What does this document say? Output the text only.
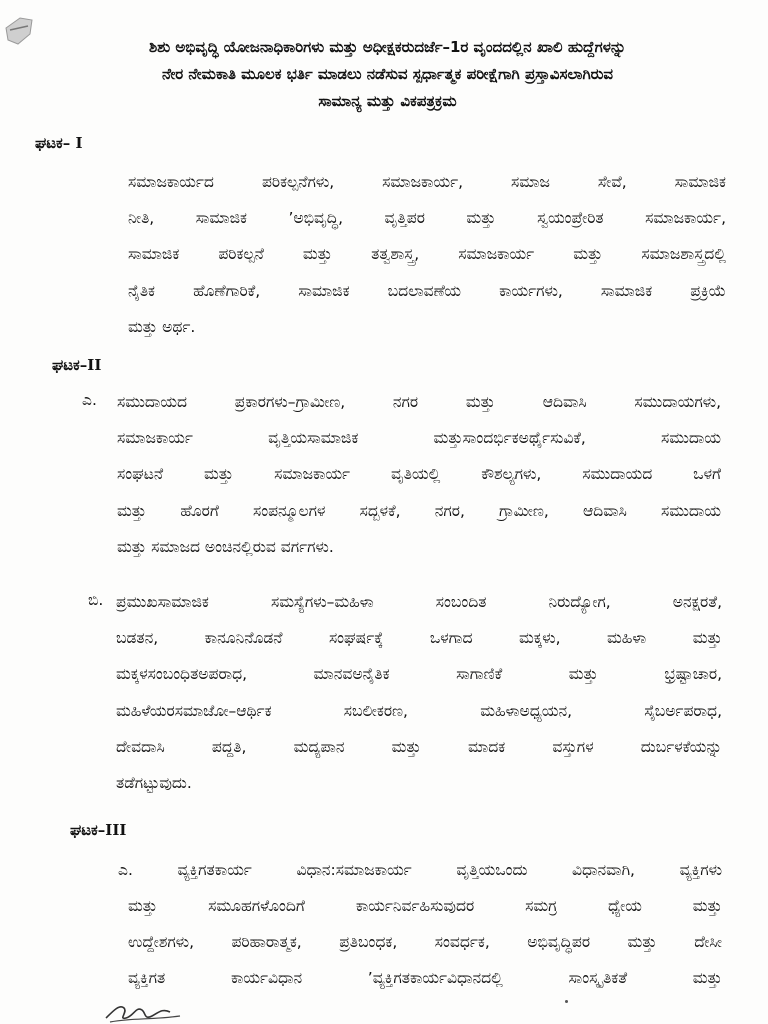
ಶಿಶು ಅಭಿವೃದ್ಧಿ ಯೋಜನಾಧಿಕಾರಿಗಳು ಮತ್ತು ಅಧೀಕ್ಷಕರುದರ್ಜೆ–1ರ ವೃಂದದಲ್ಲಿನ ಖಾಲಿ ಹುದ್ದೆಗಳನ್ನು
ನೇರ ನೇಮಕಾತಿ ಮೂಲಕ ಭರ್ತಿ ಮಾಡಲು ನಡೆಸುವ ಸ್ಪರ್ಧಾತ್ಮಕ ಪರೀಕ್ಷೆಗಾಗಿ ಪ್ರಸ್ತಾವಿಸಲಾಗಿರುವ
ಸಾಮಾನ್ಯ ಮತ್ತು ವಿಕಪತ್ರಕ್ರಮ
ಘಟಕ– I
ಸಮಾಜಕಾರ್ಯದ ಪರಿಕಲ್ಪನೆಗಳು, ಸಮಾಜಕಾರ್ಯ, ಸಮಾಜ ಸೇವೆ, ಸಾಮಾಜಿಕ
ನೀತಿ, ಸಾಮಾಜಿಕ ’ಅಭಿವೃದ್ಧಿ, ವೃತ್ತಿಪರ ಮತ್ತು ಸ್ವಯಂಪ್ರೇರಿತ ಸಮಾಜಕಾರ್ಯ,
ಸಾಮಾಜಿಕ ಪರಿಕಲ್ಪನೆ ಮತ್ತು ತತ್ವಶಾಸ್ತ್ರ, ಸಮಾಜಕಾರ್ಯ ಮತ್ತು ಸಮಾಜಶಾಸ್ತ್ರದಲ್ಲಿ
ನೈತಿಕ ಹೊಣೆಗಾರಿಕೆ, ಸಾಮಾಜಿಕ ಬದಲಾವಣೆಯ ಕಾರ್ಯಗಳು, ಸಾಮಾಜಿಕ ಪ್ರಕ್ರಿಯೆ
ಮತ್ತು ಅರ್ಥ.
ಘಟಕ–II
ಎ. ಸಮುದಾಯದ ಪ್ರಕಾರಗಳು–ಗ್ರಾಮೀಣ, ನಗರ ಮತ್ತು ಆದಿವಾಸಿ ಸಮುದಾಯಗಳು,
ಸಮಾಜಕಾರ್ಯ ವೃತ್ತಿಯಸಾಮಾಜಿಕ ಮತ್ತುಸಾಂದರ್ಭಿಕಅರ್ಥೈಸುವಿಕೆ, ಸಮುದಾಯ
ಸಂಘಟನೆ ಮತ್ತು ಸಮಾಜಕಾರ್ಯ ವೃತಿಯಲ್ಲಿ ಕೌಶಲ್ಯಗಳು, ಸಮುದಾಯದ ಒಳಗೆ
ಮತ್ತು ಹೊರಗೆ ಸಂಪನ್ಮೂಲಗಳ ಸದ್ಬಳಕೆ, ನಗರ, ಗ್ರಾಮೀಣ, ಆದಿವಾಸಿ ಸಮುದಾಯ
ಮತ್ತು ಸಮಾಜದ ಅಂಚಿನಲ್ಲಿರುವ ವರ್ಗಗಳು.
ಬಿ. ಪ್ರಮುಖಸಾಮಾಜಿಕ ಸಮಸ್ಯೆಗಳು–ಮಹಿಳಾ ಸಂಬಂದಿತ ನಿರುದ್ಯೋಗ, ಅನಕ್ಷರತೆ,
ಬಡತನ, ಕಾನೂನಿನೊಡನೆ ಸಂಘರ್ಷಕ್ಕೆ ಒಳಗಾದ ಮಕ್ಕಳು, ಮಹಿಳಾ ಮತ್ತು
ಮಕ್ಕಳಸಂಬಂಧಿತಅಪರಾಧ, ಮಾನವಅನೈತಿಕ ಸಾಗಾಣಿಕೆ ಮತ್ತು ಭ್ರಷ್ಟಾಚಾರ,
ಮಹಿಳೆಯರಸಮಾಜೋ–ಆರ್ಥಿಕ ಸಬಲೀಕರಣ, ಮಹಿಳಾಅಧ್ಯಯನ, ಸೈಬರ್ಅಪರಾಧ,
ದೇವದಾಸಿ ಪದ್ದತಿ, ಮದ್ಯಪಾನ ಮತ್ತು ಮಾದಕ ವಸ್ತುಗಳ ದುರ್ಬಳಕೆಯನ್ನು
ತಡೆಗಟ್ಟುವುದು.
ಘಟಕ–III
ಎ. ವ್ಯಕ್ತಿಗತಕಾರ್ಯ ವಿಧಾನ:ಸಮಾಜಕಾರ್ಯ ವೃತ್ತಿಯಒಂದು ವಿಧಾನವಾಗಿ, ವ್ಯಕ್ತಿಗಳು
ಮತ್ತು ಸಮೂಹಗಳೊಂದಿಗೆ ಕಾರ್ಯನಿರ್ವಹಿಸುವುದರ ಸಮಗ್ರ ಧ್ಯೇಯ ಮತ್ತು
ಉದ್ದೇಶಗಳು, ಪರಿಹಾರಾತ್ಮಕ, ಪ್ರತಿಬಂಧಕ, ಸಂವರ್ಧಕ, ಅಭಿವೃದ್ಧಿಪರ ಮತ್ತು ದೇಸೀ
ವ್ಯಕ್ತಿಗತ ಕಾರ್ಯವಿಧಾನ ’ವ್ಯಕ್ತಿಗತಕಾರ್ಯವಿಧಾನದಲ್ಲಿ ಸಾಂಸ್ಕೃತಿಕತೆ ಮತ್ತು
